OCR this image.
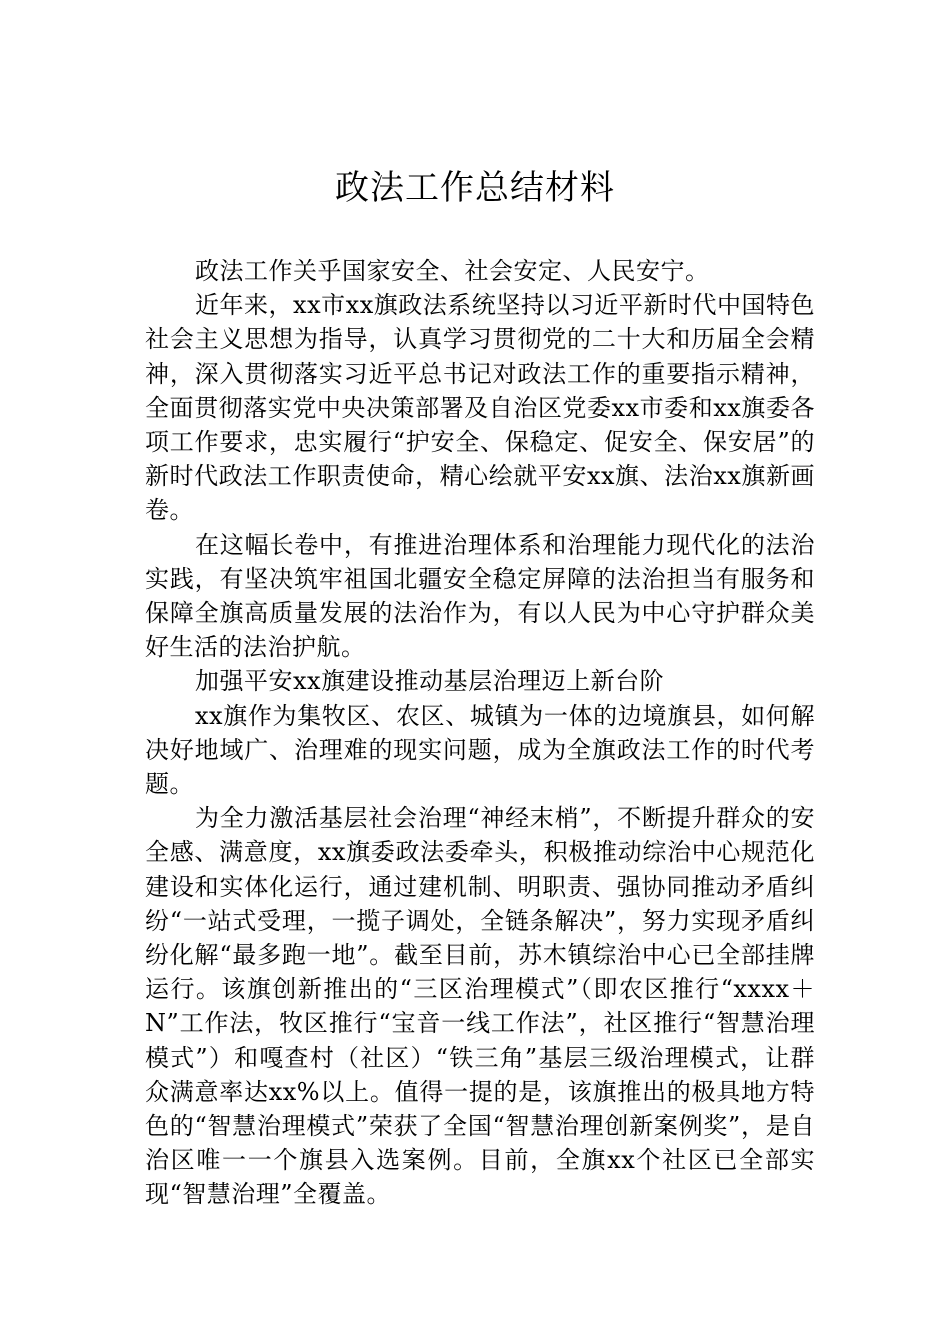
政法工作总结材料

政法工作关乎国家安全、社会安定、人民安宁。

近年来，xx市xx旗政法系统坚持以习近平新时代中国特色社会主义思想为指导，认真学习贯彻党的二十大和历届全会精神，深入贯彻落实习近平总书记对政法工作的重要指示精神，全面贯彻落实党中央决策部署及自治区党委xx市委和xx旗委各项工作要求，忠实履行“护安全、保稳定、促安全、保安居”的新时代政法工作职责使命，精心绘就平安xx旗、法治xx旗新画卷。

在这幅长卷中，有推进治理体系和治理能力现代化的法治实践，有坚决筑牢祖国北疆安全稳定屏障的法治担当有服务和保障全旗高质量发展的法治作为，有以人民为中心守护群众美好生活的法治护航。

加强平安xx旗建设推动基层治理迈上新台阶

xx旗作为集牧区、农区、城镇为一体的边境旗县，如何解决好地域广、治理难的现实问题，成为全旗政法工作的时代考题。

为全力激活基层社会治理“神经末梢”，不断提升群众的安全感、满意度，xx旗委政法委牵头，积极推动综治中心规范化建设和实体化运行，通过建机制、明职责、强协同推动矛盾纠纷“一站式受理，一揽子调处，全链条解决”，努力实现矛盾纠纷化解“最多跑一地”。截至目前，苏木镇综治中心已全部挂牌运行。该旗创新推出的“三区治理模式”（即农区推行“xxxx＋N”工作法，牧区推行“宝音一线工作法”，社区推行“智慧治理模式”）和嘎查村（社区）“铁三角”基层三级治理模式，让群众满意率达xx%以上。值得一提的是，该旗推出的极具地方特色的“智慧治理模式”荣获了全国“智慧治理创新案例奖”，是自治区唯一一个旗县入选案例。目前，全旗xx个社区已全部实现“智慧治理”全覆盖。
